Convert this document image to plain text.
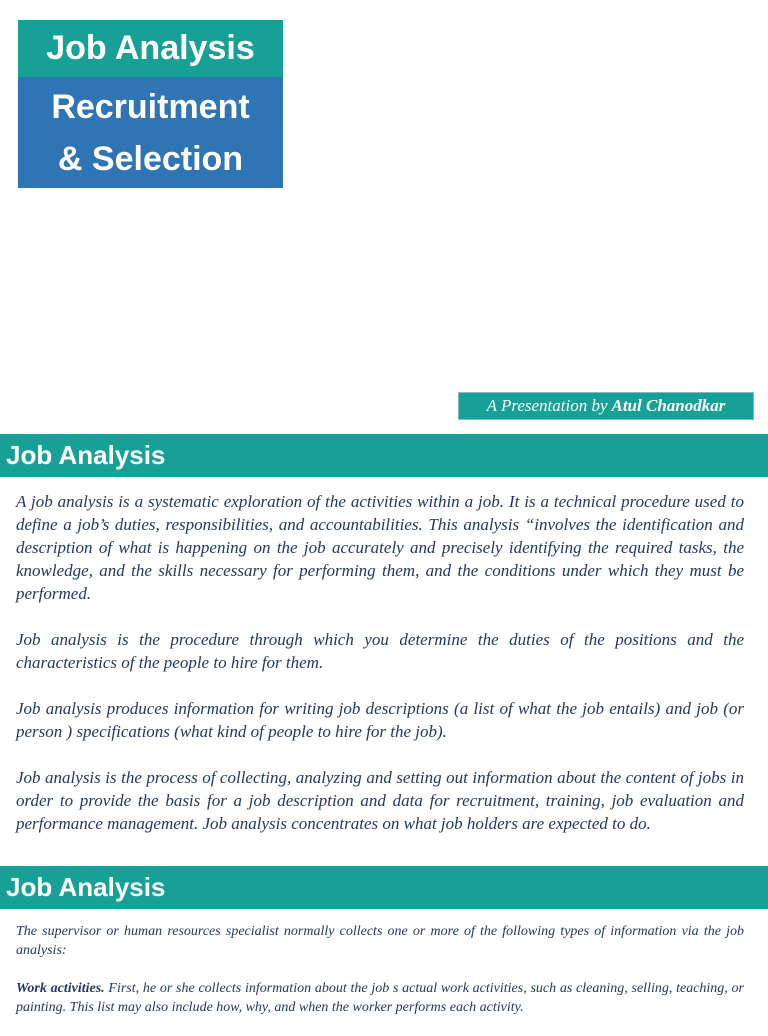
Job Analysis
Recruitment
& Selection
A Presentation by Atul Chanodkar
Job Analysis

A job analysis is a systematic exploration of the activities within a job. It is a technical procedure used to define a job’s duties, responsibilities, and accountabilities. This analysis “involves the identification and description of what is happening on the job accurately and precisely identifying the required tasks, the knowledge, and the skills necessary for performing them, and the conditions under which they must be performed.

Job analysis is the procedure through which you determine the duties of the positions and the characteristics of the people to hire for them.

Job analysis produces information for writing job descriptions (a list of what the job entails) and job (or person ) specifications (what kind of people to hire for the job).

Job analysis is the process of collecting, analyzing and setting out information about the content of jobs in order to provide the basis for a job description and data for recruitment, training, job evaluation and performance management. Job analysis concentrates on what job holders are expected to do.

Job Analysis

The supervisor or human resources specialist normally collects one or more of the following types of information via the job analysis:

Work activities. First, he or she collects information about the job s actual work activities, such as cleaning, selling, teaching, or painting. This list may also include how, why, and when the worker performs each activity.
